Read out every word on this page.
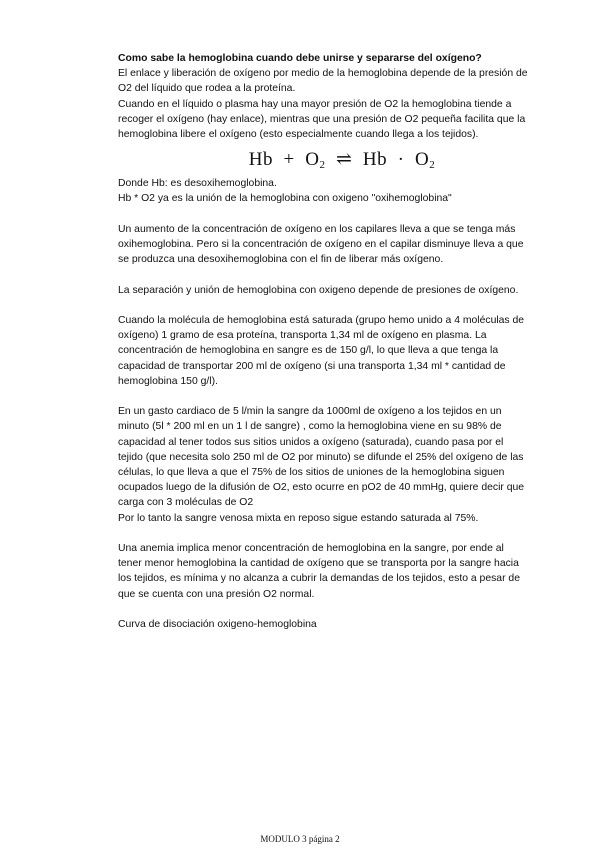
Como sabe la hemoglobina cuando debe unirse y separarse del oxígeno?

El enlace y liberación de oxígeno por medio de la hemoglobina depende de la presión de O2 del líquido que rodea a la proteína.

Cuando en el líquido o plasma hay una mayor presión de O2 la hemoglobina tiende a recoger el oxígeno (hay enlace), mientras que una presión de O2 pequeña facilita que la hemoglobina libere el oxígeno (esto especialmente cuando llega a los tejidos).

$Hb + O_2$ ⇌ $Hb \cdot O_2$

Donde Hb: es desoxihemoglobina.

Hb * O2 ya es la unión de la hemoglobina con oxigeno "oxihemoglobina"

Un aumento de la concentración de oxígeno en los capilares lleva a que se tenga más oxihemoglobina. Pero si la concentración de oxígeno en el capilar disminuye lleva a que se produzca una desoxihemoglobina con el fin de liberar más oxígeno.

La separación y unión de hemoglobina con oxigeno depende de presiones de oxígeno.

Cuando la molécula de hemoglobina está saturada (grupo hemo unido a 4 moléculas de oxígeno) 1 gramo de esa proteína, transporta 1,34 ml de oxígeno en plasma. La concentración de hemoglobina en sangre es de 150 g/l, lo que lleva a que tenga la capacidad de transportar 200 ml de oxígeno (si una transporta 1,34 ml * cantidad de hemoglobina 150 g/l).

En un gasto cardiaco de 5 l/min la sangre da 1000ml de oxígeno a los tejidos en un minuto (5l * 200 ml en un 1 l de sangre) , como la hemoglobina viene en su 98% de capacidad al tener todos sus sitios unidos a oxígeno (saturada), cuando pasa por el tejido (que necesita solo 250 ml de O2 por minuto) se difunde el 25% del oxígeno de las células, lo que lleva a que el 75% de los sitios de uniones de la hemoglobina siguen ocupados luego de la difusión de O2, esto ocurre en pO2 de 40 mmHg, quiere decir que carga con 3 moléculas de O2

Por lo tanto la sangre venosa mixta en reposo sigue estando saturada al 75%.

Una anemia implica menor concentración de hemoglobina en la sangre, por ende al tener menor hemoglobina la cantidad de oxígeno que se transporta por la sangre hacia los tejidos, es mínima y no alcanza a cubrir la demandas de los tejidos, esto a pesar de que se cuenta con una presión O2 normal.

Curva de disociación oxigeno-hemoglobina

MODULO 3 página 2
